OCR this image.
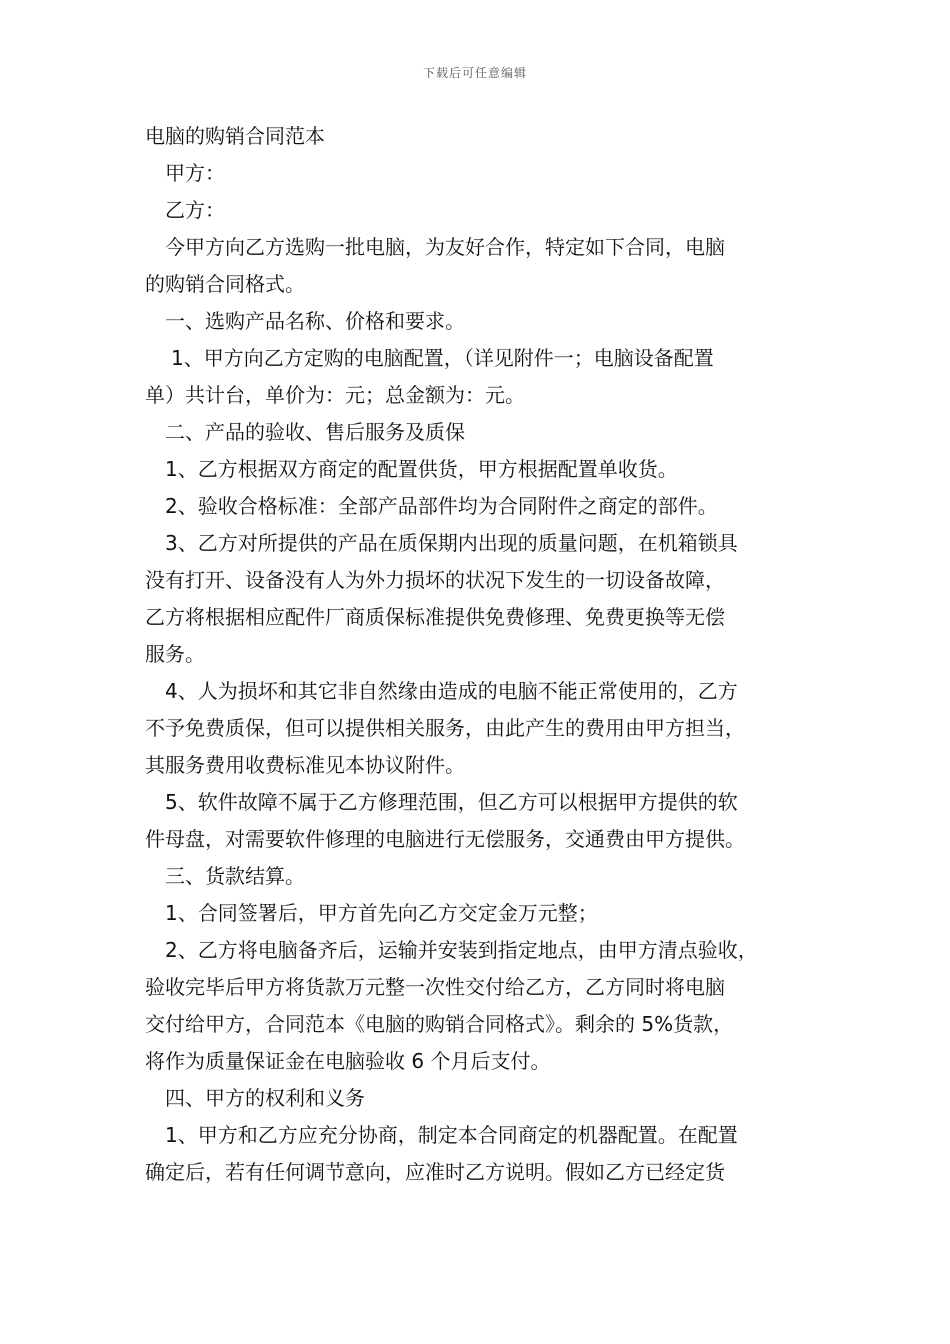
下载后可任意编辑

电脑的购销合同范本

甲方：

乙方：

今甲方向乙方选购一批电脑，为友好合作，特定如下合同，电脑

的购销合同格式。

一、选购产品名称、价格和要求。

1、甲方向乙方定购的电脑配置，（详见附件一；电脑设备配置

单）共计台，单价为：元；总金额为：元。

二、产品的验收、售后服务及质保

1、乙方根据双方商定的配置供货，甲方根据配置单收货。

2、验收合格标准：全部产品部件均为合同附件之商定的部件。

3、乙方对所提供的产品在质保期内出现的质量问题，在机箱锁具

没有打开、设备没有人为外力损坏的状况下发生的一切设备故障，

乙方将根据相应配件厂商质保标准提供免费修理、免费更换等无偿

服务。

4、人为损坏和其它非自然缘由造成的电脑不能正常使用的，乙方

不予免费质保，但可以提供相关服务，由此产生的费用由甲方担当，

其服务费用收费标准见本协议附件。

5、软件故障不属于乙方修理范围，但乙方可以根据甲方提供的软

件母盘，对需要软件修理的电脑进行无偿服务，交通费由甲方提供。

三、货款结算。

1、合同签署后，甲方首先向乙方交定金万元整；

2、乙方将电脑备齐后，运输并安装到指定地点，由甲方清点验收，

验收完毕后甲方将货款万元整一次性交付给乙方，乙方同时将电脑

交付给甲方，合同范本《电脑的购销合同格式》。剩余的 5%货款，

将作为质量保证金在电脑验收 6 个月后支付。

四、甲方的权利和义务

1、甲方和乙方应充分协商，制定本合同商定的机器配置。在配置

确定后，若有任何调节意向，应准时乙方说明。假如乙方已经定货
